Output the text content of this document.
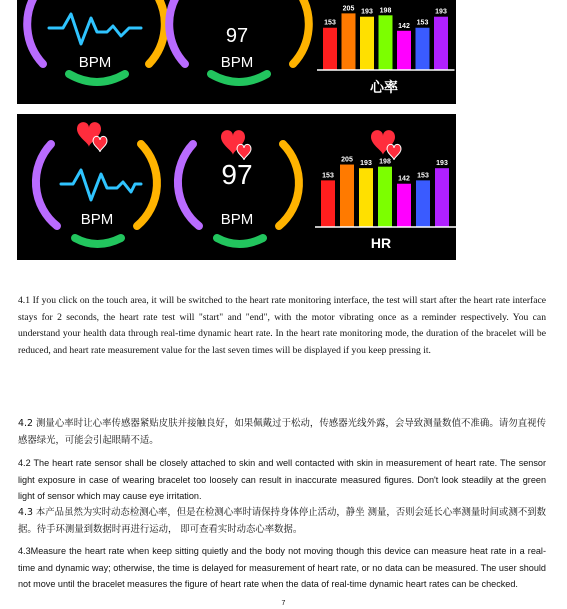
BPM
97
BPM
153
205 193 198
142 153
193
心率
BPM
97
BPM
153
205
193 198
142 153
193
HR

4.1 If you click on the touch area, it will be switched to the heart rate monitoring interface, the test will start after the heart rate interface stays for 2 seconds, the heart rate test will "start" and "end", with the motor vibrating once as a reminder respectively. You can understand your health data through real-time dynamic heart rate. In the heart rate monitoring mode, the duration of the bracelet will be reduced, and heart rate measurement value for the last seven times will be displayed if you keep pressing it.

4.2 测量心率时让心率传感器紧贴皮肤并接触良好，如果佩戴过于松动，传感器光线外露，会导致测量数值不准确。请勿直视传感器绿光，可能会引起眼睛不适。

4.2 The heart rate sensor shall be closely attached to skin and well contacted with skin in measurement of heart rate. The sensor light exposure in case of wearing bracelet too loosely can result in inaccurate measured figures. Don't look steadily at the green light of sensor which may cause eye irritation.

4.3 本产品虽然为实时动态检测心率，但是在检测心率时请保持身体停止活动，静坐 测量，否则会延长心率测量时间或测不到数据。待手环测量到数据时再进行运动， 即可查看实时动态心率数据。

4.3Measure the heart rate when keep sitting quietly and the body not moving though this device can measure heat rate in a real-time and dynamic way; otherwise, the time is delayed for measurement of heart rate, or no data can be measured. The user should not move until the bracelet measures the figure of heart rate when the data of real-time dynamic heart rates can be checked.

7
